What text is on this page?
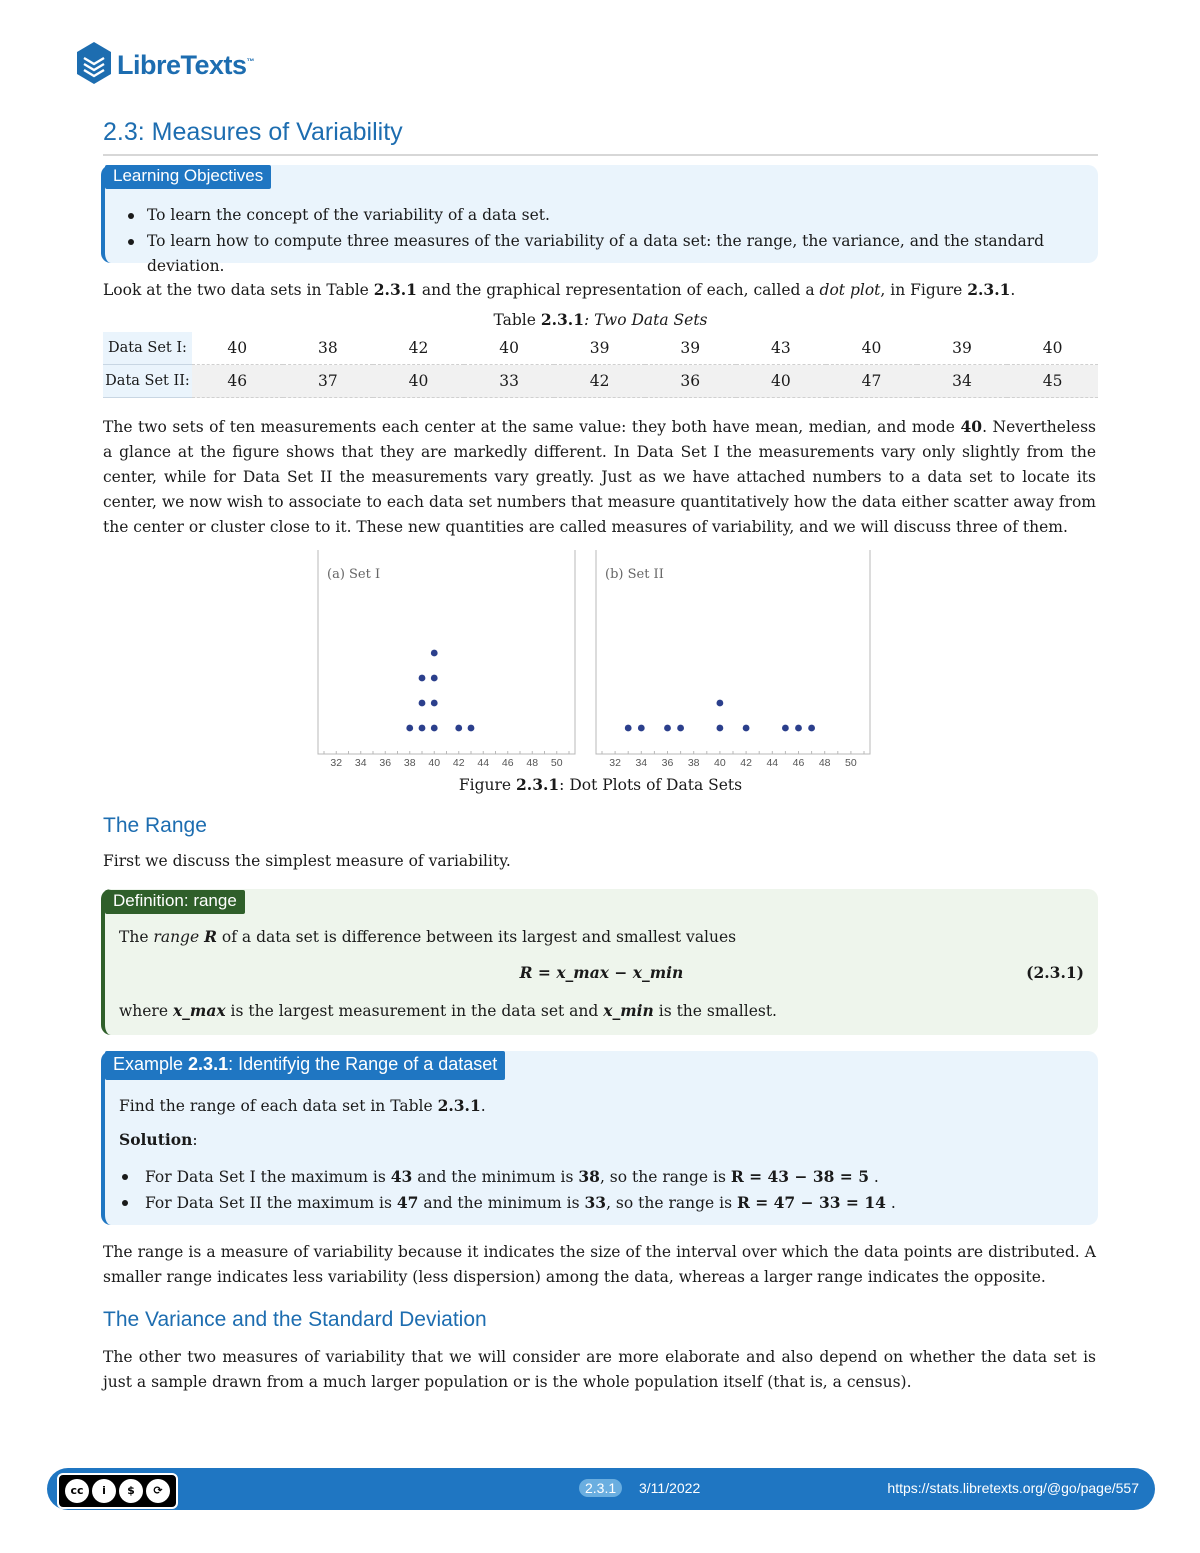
LibreTexts™
2.3: Measures of Variability
Learning Objectives
To learn the concept of the variability of a data set.
To learn how to compute three measures of the variability of a data set: the range, the variance, and the standard deviation.

Look at the two data sets in Table 2.3.1 and the graphical representation of each, called a dot plot, in Figure 2.3.1.

Table 2.3.1: Two Data Sets
Data Set I:	40	38	42	40	39	39	43	40	39	40
Data Set II:	46	37	40	33	42	36	40	47	34	45

The two sets of ten measurements each center at the same value: they both have mean, median, and mode 40. Nevertheless a glance at the figure shows that they are markedly different. In Data Set I the measurements vary only slightly from the center, while for Data Set II the measurements vary greatly. Just as we have attached numbers to a data set to locate its center, we now wish to associate to each data set numbers that measure quantitatively how the data either scatter away from the center or cluster close to it. These new quantities are called measures of variability, and we will discuss three of them.

(a) Set I
32 34 36 38 40 42 44 46 48 50
(b) Set II
32 34 36 38 40 42 44 46 48 50
Figure 2.3.1: Dot Plots of Data Sets
The Range

First we discuss the simplest measure of variability.

Definition: range

The range R of a data set is difference between its largest and smallest values

R = x_max − x_min	(2.3.1)

where x_max is the largest measurement in the data set and x_min is the smallest.

Example 2.3.1: Identifyig the Range of a dataset

Find the range of each data set in Table 2.3.1.

Solution:

For Data Set I the maximum is 43 and the minimum is 38, so the range is R = 43 − 38 = 5 .
For Data Set II the maximum is 47 and the minimum is 33, so the range is R = 47 − 33 = 14 .

The range is a measure of variability because it indicates the size of the interval over which the data points are distributed. A smaller range indicates less variability (less dispersion) among the data, whereas a larger range indicates the opposite.

The Variance and the Standard Deviation

The other two measures of variability that we will consider are more elaborate and also depend on whether the data set is just a sample drawn from a much larger population or is the whole population itself (that is, a census).

cc	i	$	⟳	2.3.1	3/11/2022	https://stats.libretexts.org/@go/page/557
